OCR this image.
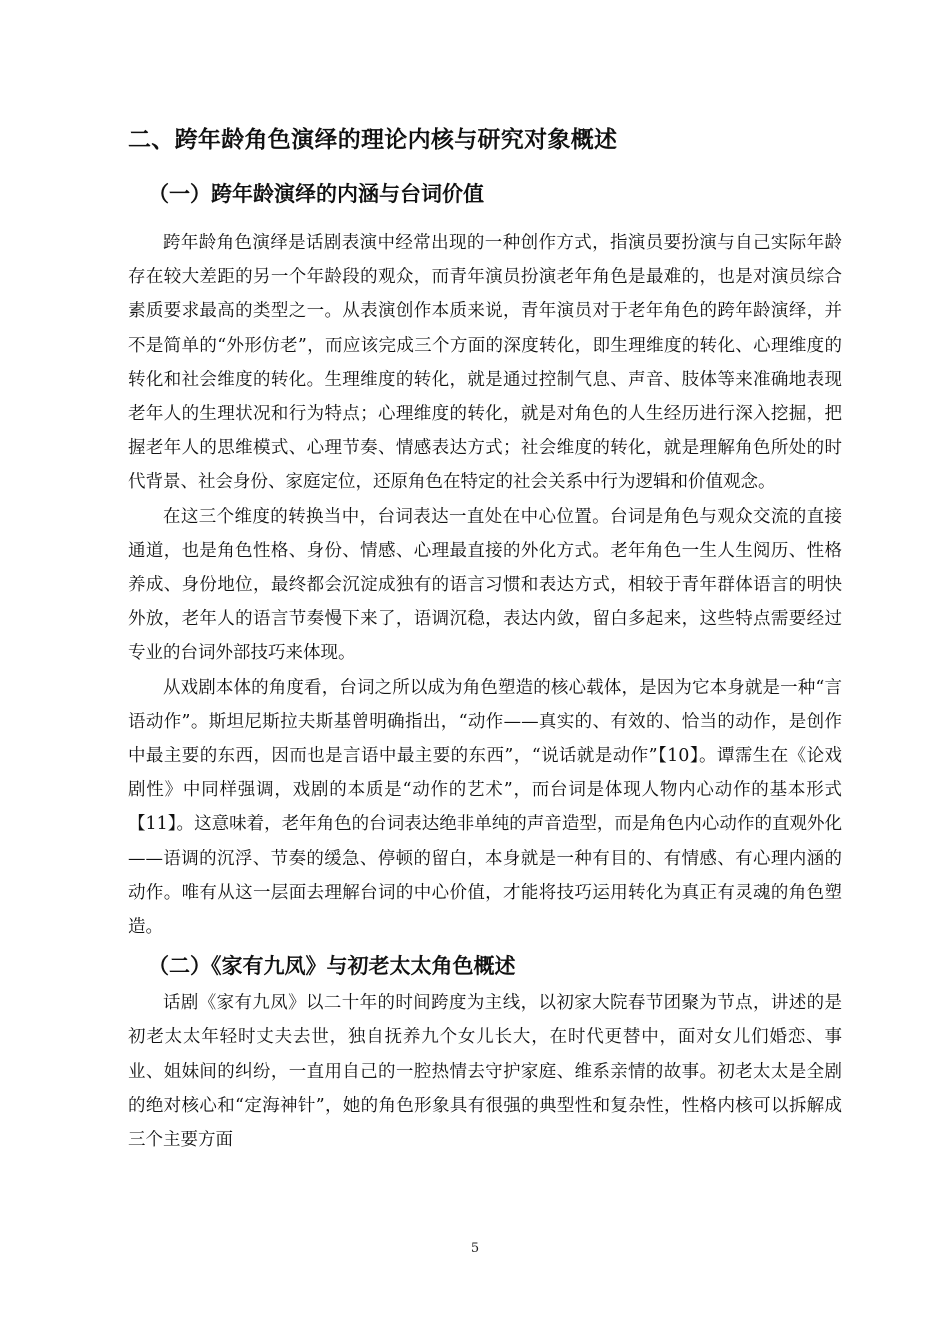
二、跨年龄角色演绎的理论内核与研究对象概述
（一）跨年龄演绎的内涵与台词价值

跨年龄角色演绎是话剧表演中经常出现的一种创作方式，指演员要扮演与自己实际年龄存在较大差距的另一个年龄段的观众，而青年演员扮演老年角色是最难的，也是对演员综合素质要求最高的类型之一。从表演创作本质来说，青年演员对于老年角色的跨年龄演绎，并不是简单的“外形仿老”，而应该完成三个方面的深度转化，即生理维度的转化、心理维度的转化和社会维度的转化。生理维度的转化，就是通过控制气息、声音、肢体等来准确地表现老年人的生理状况和行为特点；心理维度的转化，就是对角色的人生经历进行深入挖掘，把握老年人的思维模式、心理节奏、情感表达方式；社会维度的转化，就是理解角色所处的时代背景、社会身份、家庭定位，还原角色在特定的社会关系中行为逻辑和价值观念。

在这三个维度的转换当中，台词表达一直处在中心位置。台词是角色与观众交流的直接通道，也是角色性格、身份、情感、心理最直接的外化方式。老年角色一生人生阅历、性格养成、身份地位，最终都会沉淀成独有的语言习惯和表达方式，相较于青年群体语言的明快外放，老年人的语言节奏慢下来了，语调沉稳，表达内敛，留白多起来，这些特点需要经过专业的台词外部技巧来体现。

从戏剧本体的角度看，台词之所以成为角色塑造的核心载体，是因为它本身就是一种“言语动作”。斯坦尼斯拉夫斯基曾明确指出，“动作——真实的、有效的、恰当的动作，是创作中最主要的东西，因而也是言语中最主要的东西”，“说话就是动作”【10】。谭霈生在《论戏剧性》中同样强调，戏剧的本质是“动作的艺术”，而台词是体现人物内心动作的基本形式【11】。这意味着，老年角色的台词表达绝非单纯的声音造型，而是角色内心动作的直观外化——语调的沉浮、节奏的缓急、停顿的留白，本身就是一种有目的、有情感、有心理内涵的动作。唯有从这一层面去理解台词的中心价值，才能将技巧运用转化为真正有灵魂的角色塑造。

（二）《家有九凤》与初老太太角色概述

话剧《家有九凤》以二十年的时间跨度为主线，以初家大院春节团聚为节点，讲述的是初老太太年轻时丈夫去世，独自抚养九个女儿长大，在时代更替中，面对女儿们婚恋、事业、姐妹间的纠纷，一直用自己的一腔热情去守护家庭、维系亲情的故事。初老太太是全剧的绝对核心和“定海神针”，她的角色形象具有很强的典型性和复杂性，性格内核可以拆解成三个主要方面

5
